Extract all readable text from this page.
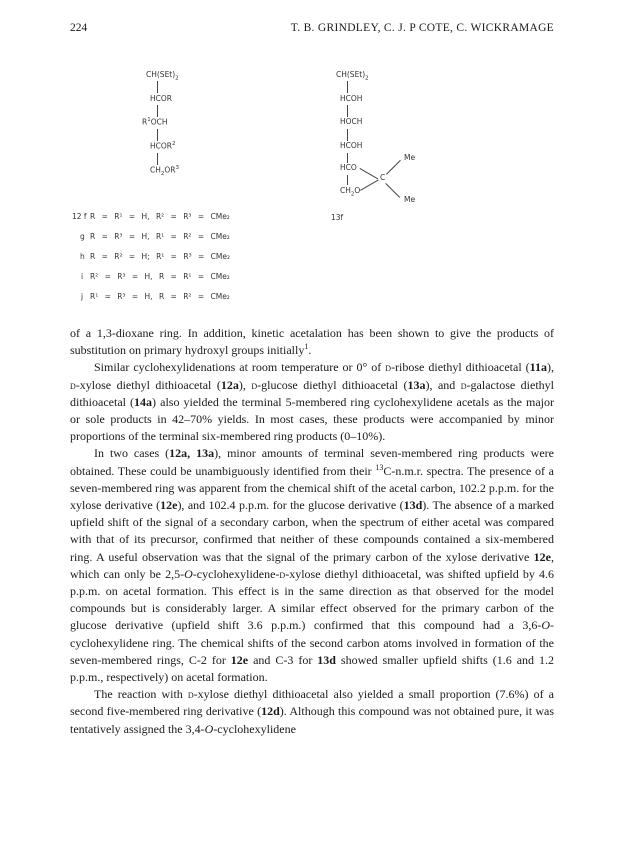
224	T. B. GRINDLEY, C. J. P COTE, C. WICKRAMAGE
$CH(SEt)_2$
HCOR
$R^1OCH$
HCOR$^2$
$CH_2OR^3$
$CH(SEt)_2$
HCOH
HOCH
HCOH
HCO
$CH_2O$
C
Me
Me
13f
12 f R = R¹ = H, R² = R³ = CMe₂
g R = R³ = H, R¹ = R² = CMe₂
h R = R² = H; R¹ = R³ = CMe₂
i R² = R³ = H, R = R¹ = CMe₂
j R¹ = R³ = H, R = R² = CMe₂

of a 1,3-dioxane ring. In addition, kinetic acetalation has been shown to give the products of substitution on primary hydroxyl groups initially$^1$.

Similar cyclohexylidenations at room temperature or 0° of d-ribose diethyl dithioacetal (11a), d-xylose diethyl dithioacetal (12a), d-glucose diethyl dithioacetal (13a), and d-galactose diethyl dithioacetal (14a) also yielded the terminal 5-membered ring cyclohexylidene acetals as the major or sole products in 42–70% yields. In most cases, these products were accompanied by minor proportions of the terminal six-membered ring products (0–10%).

In two cases (12a, 13a), minor amounts of terminal seven-membered ring products were obtained. These could be unambiguously identified from their $^{13}$C-n.m.r. spectra. The presence of a seven-membered ring was apparent from the chemical shift of the acetal carbon, 102.2 p.p.m. for the xylose derivative (12e), and 102.4 p.p.m. for the glucose derivative (13d). The absence of a marked upfield shift of the signal of a secondary carbon, when the spectrum of either acetal was compared with that of its precursor, confirmed that neither of these compounds contained a six-membered ring. A useful observation was that the signal of the primary carbon of the xylose derivative 12e, which can only be 2,5-O-cyclohexylidene-d-xylose diethyl dithioacetal, was shifted upfield by 4.6 p.p.m. on acetal formation. This effect is in the same direction as that observed for the model compounds but is considerably larger. A similar effect observed for the primary carbon of the glucose derivative (upfield shift 3.6 p.p.m.) confirmed that this compound had a 3,6-O-cyclohexylidene ring. The chemical shifts of the second carbon atoms involved in formation of the seven-membered rings, C-2 for 12e and C-3 for 13d showed smaller upfield shifts (1.6 and 1.2 p.p.m., respectively) on acetal formation.

The reaction with d-xylose diethyl dithioacetal also yielded a small proportion (7.6%) of a second five-membered ring derivative (12d). Although this compound was not obtained pure, it was tentatively assigned the 3,4-O-cyclohexylidene
